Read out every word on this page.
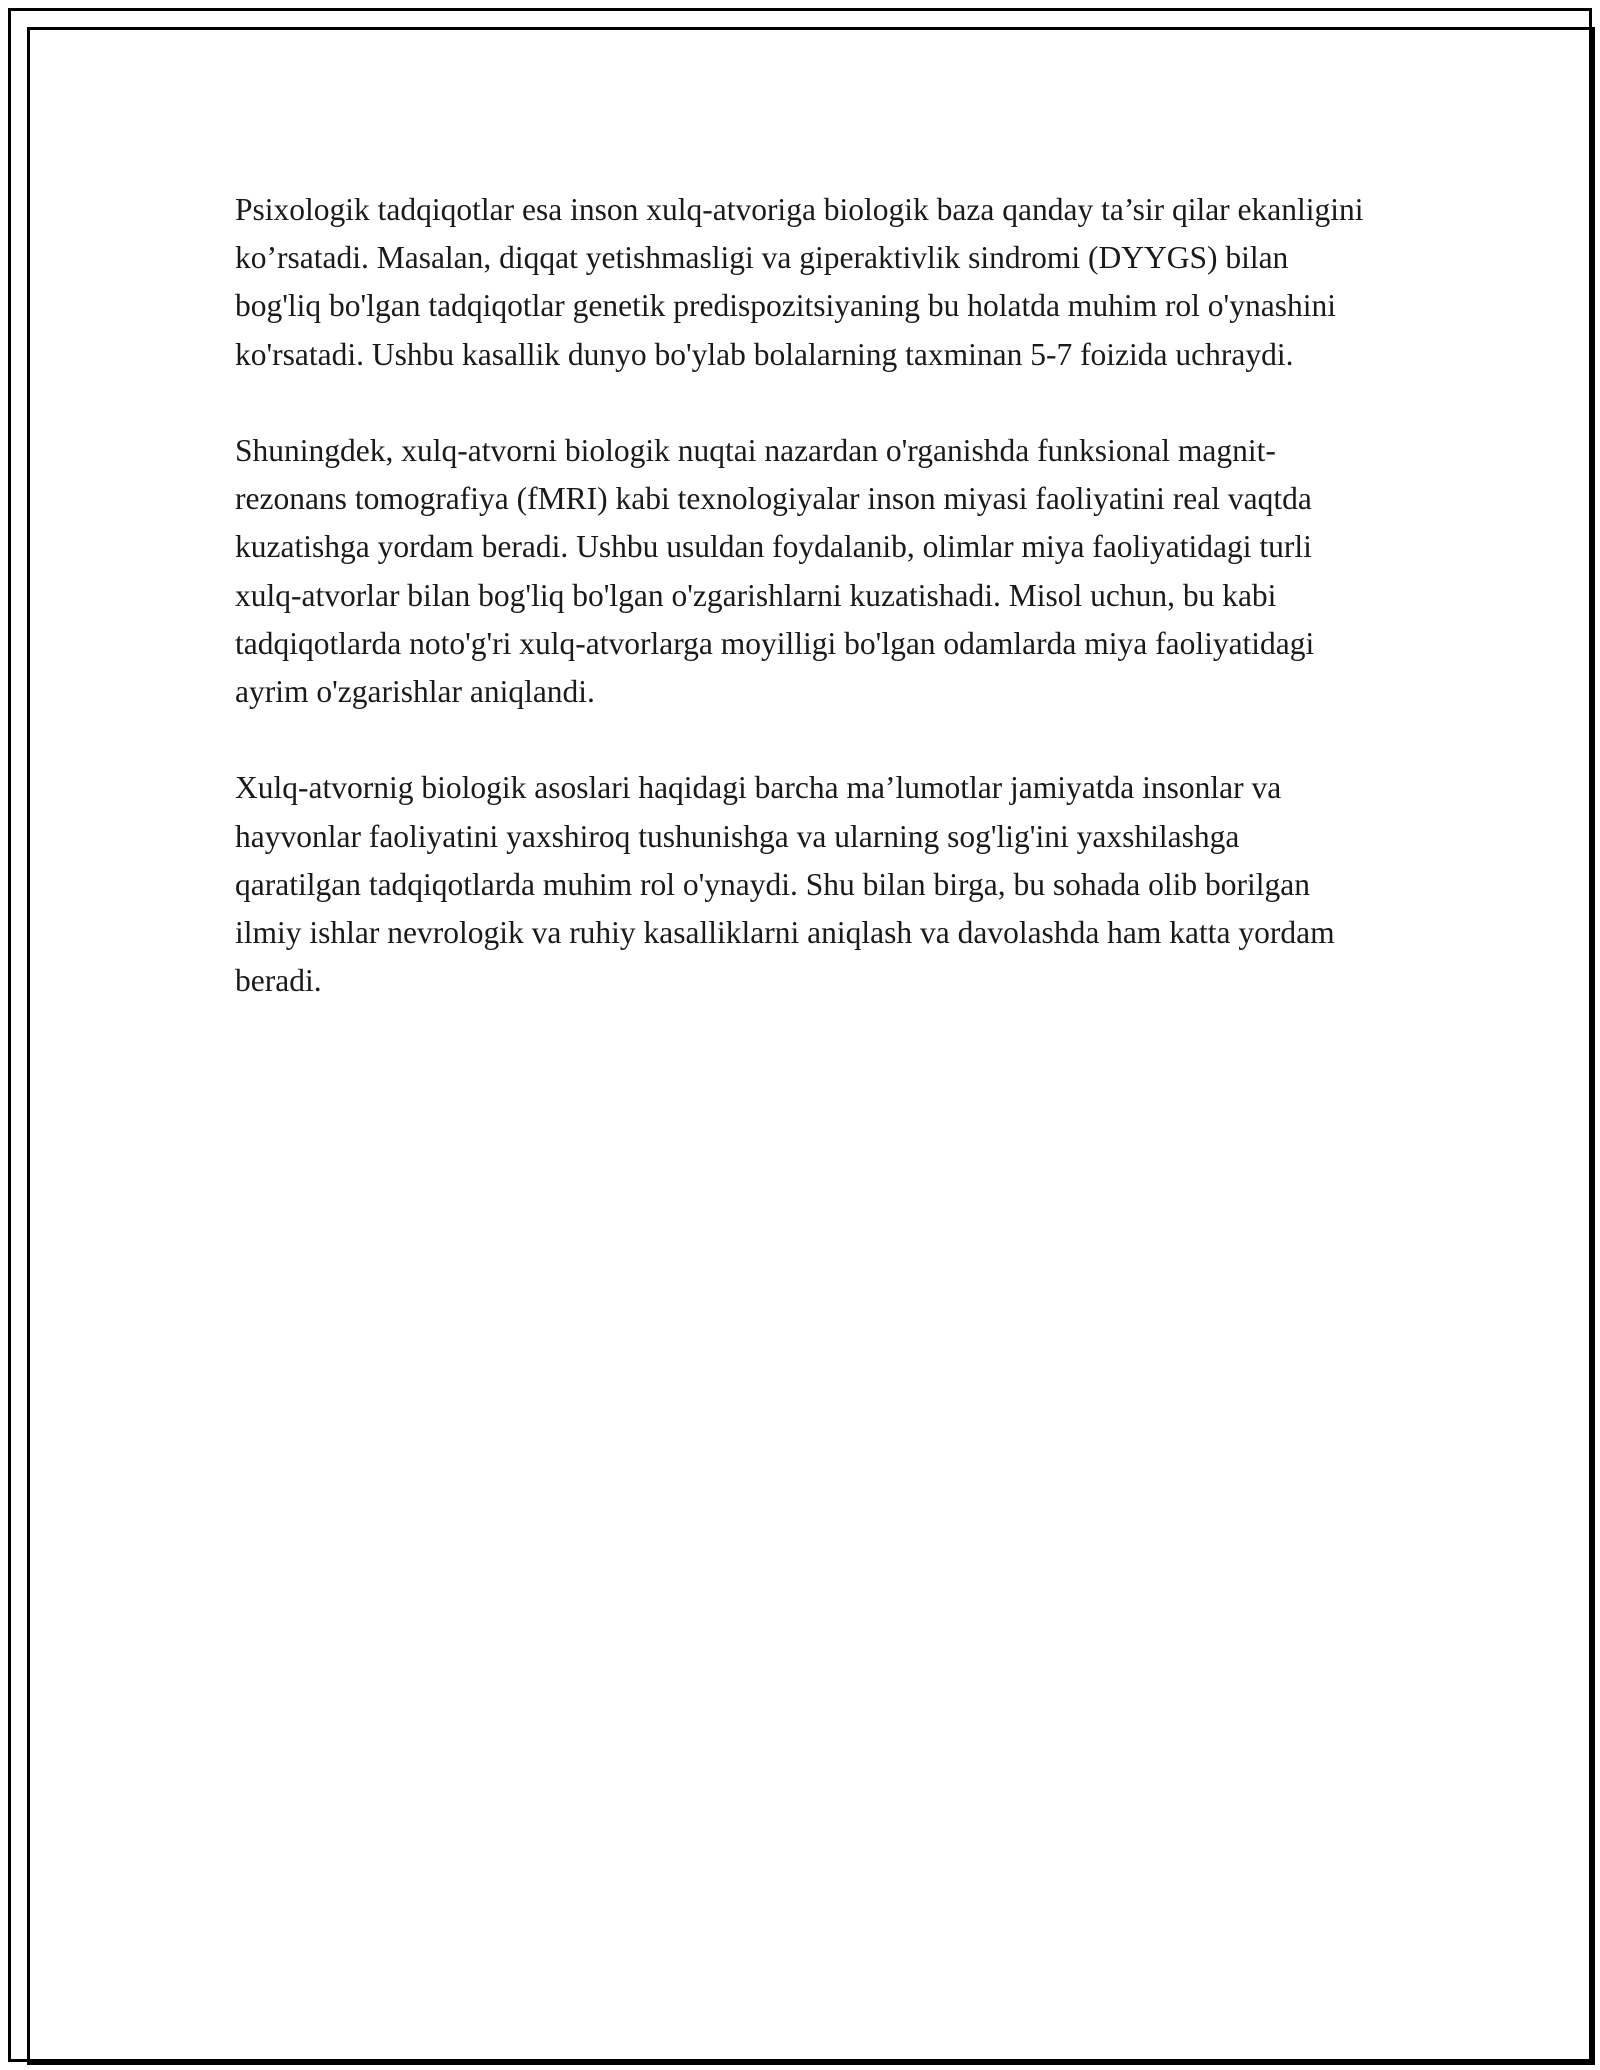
Psixologik tadqiqotlar esa inson xulq-atvoriga biologik baza qanday ta’sir qilar ekanligini ko’rsatadi. Masalan, diqqat yetishmasligi va giperaktivlik sindromi (DYYGS) bilan bog'liq bo'lgan tadqiqotlar genetik predispozitsiyaning bu holatda muhim rol o'ynashini ko'rsatadi. Ushbu kasallik dunyo bo'ylab bolalarning taxminan 5-7 foizida uchraydi.

Shuningdek, xulq-atvorni biologik nuqtai nazardan o'rganishda funksional magnit-rezonans tomografiya (fMRI) kabi texnologiyalar inson miyasi faoliyatini real vaqtda kuzatishga yordam beradi. Ushbu usuldan foydalanib, olimlar miya faoliyatidagi turli xulq-atvorlar bilan bog'liq bo'lgan o'zgarishlarni kuzatishadi. Misol uchun, bu kabi tadqiqotlarda noto'g'ri xulq-atvorlarga moyilligi bo'lgan odamlarda miya faoliyatidagi ayrim o'zgarishlar aniqlandi.

Xulq-atvornig biologik asoslari haqidagi barcha ma’lumotlar jamiyatda insonlar va hayvonlar faoliyatini yaxshiroq tushunishga va ularning sog'lig'ini yaxshilashga qaratilgan tadqiqotlarda muhim rol o'ynaydi. Shu bilan birga, bu sohada olib borilgan ilmiy ishlar nevrologik va ruhiy kasalliklarni aniqlash va davolashda ham katta yordam beradi.
